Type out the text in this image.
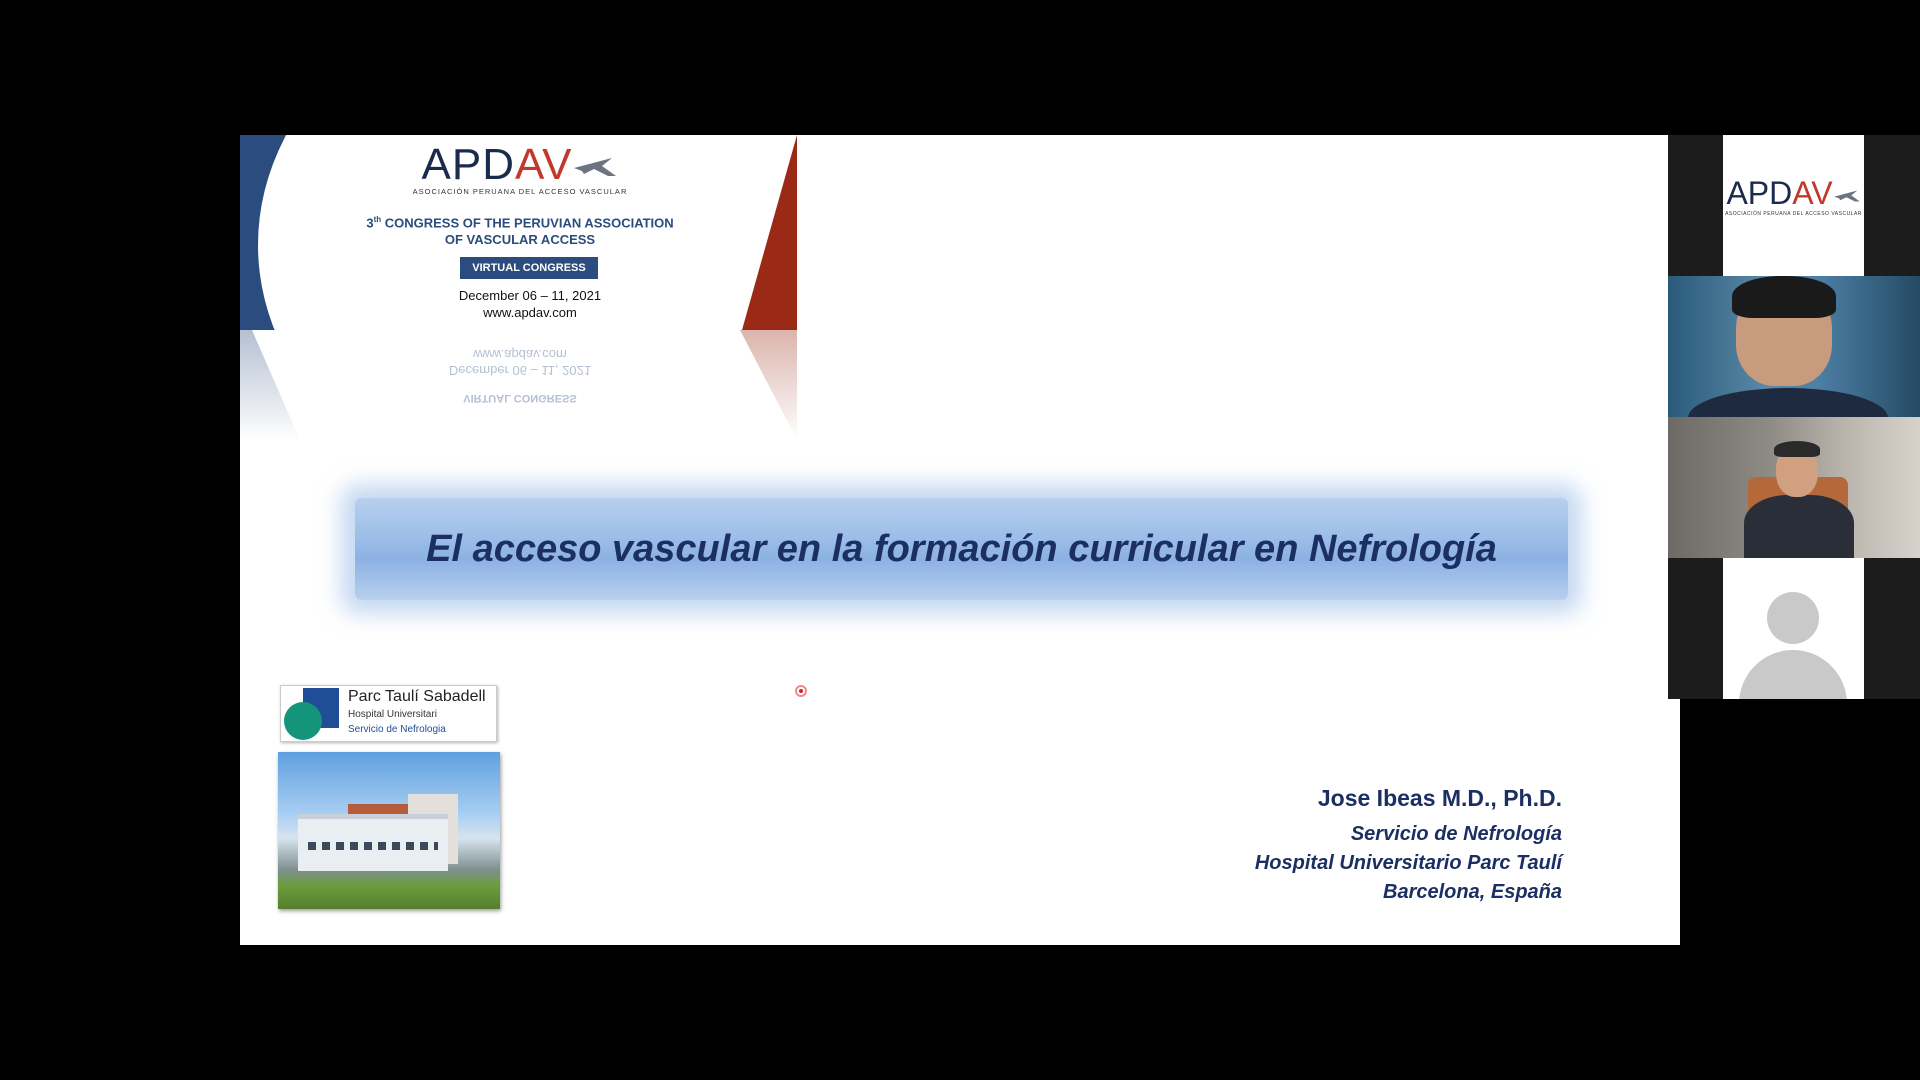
APDAV
ASOCIACIÓN PERUANA DEL ACCESO VASCULAR
3th CONGRESS OF THE PERUVIAN ASSOCIATION
OF VASCULAR ACCESS
VIRTUAL CONGRESS
December 06 – 11, 2021
www.apdav.com
www.apdav.com
December 06 – 11, 2021
VIRTUAL CONGRESS
El acceso vascular en la formación curricular en Nefrología
Parc Taulí Sabadell
Hospital Universitari
Servicio de Nefrologia
Jose Ibeas M.D., Ph.D.
Servicio de Nefrología
Hospital Universitario Parc Taulí
Barcelona, España
APDAV
ASOCIACIÓN PERUANA DEL ACCESO VASCULAR
